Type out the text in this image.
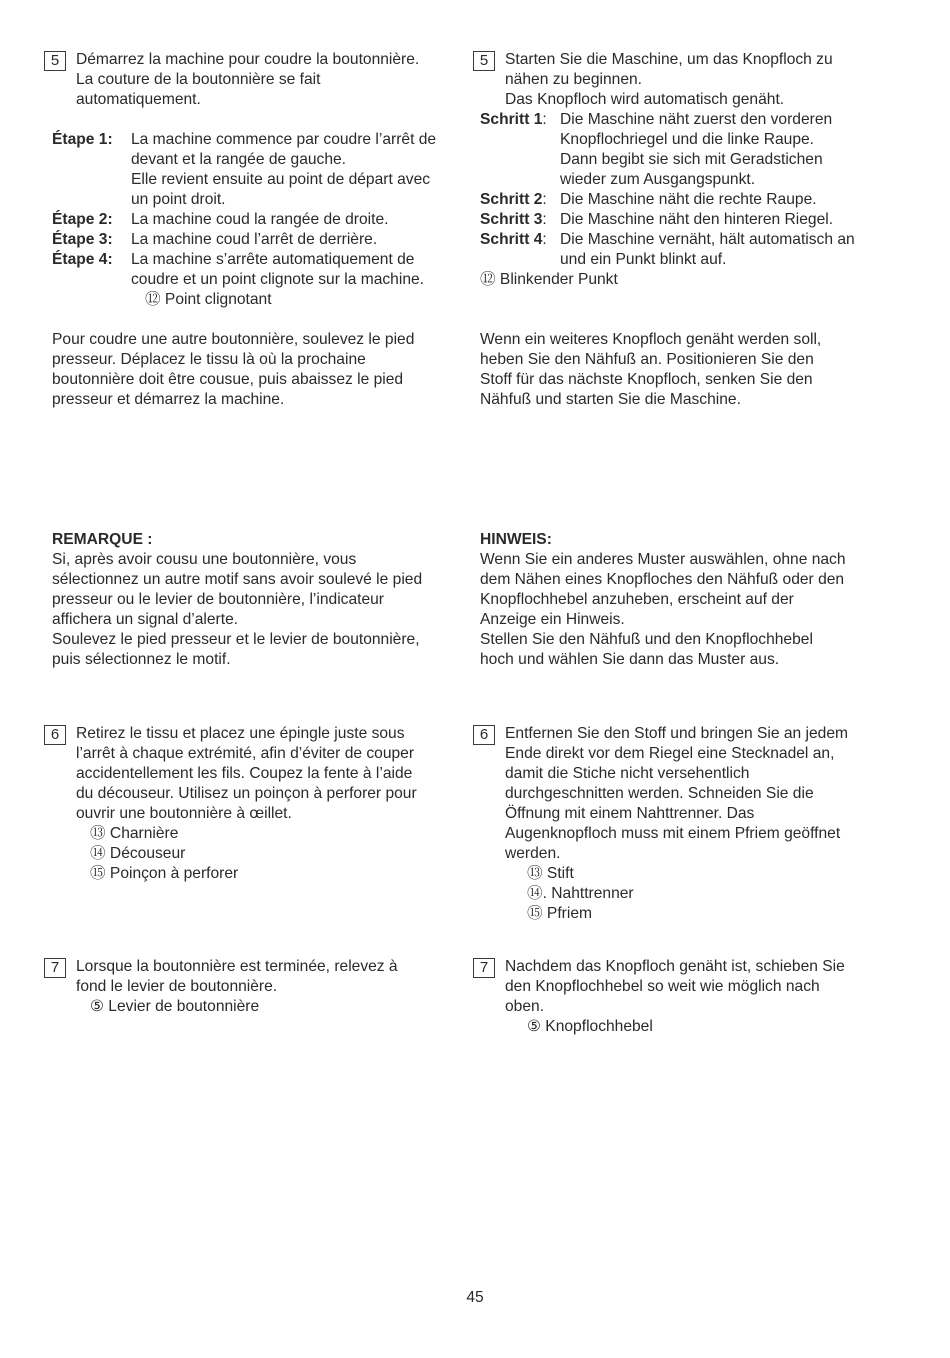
5	Démarrez la machine pour coudre la boutonnière.
La couture de la boutonnière se fait
automatiquement.
Étape 1: La machine commence par coudre l’arrêt de
devant et la rangée de gauche.
Elle revient ensuite au point de départ avec
un point droit.
Étape 2: La machine coud la rangée de droite.
Étape 3: La machine coud l’arrêt de derrière.
Étape 4: La machine s’arrête automatiquement de
coudre et un point clignote sur la machine.
⑫ Point clignotant
Pour coudre une autre boutonnière, soulevez le pied
presseur. Déplacez le tissu là où la prochaine
boutonnière doit être cousue, puis abaissez le pied
presseur et démarrez la machine.
REMARQUE :
Si, après avoir cousu une boutonnière, vous
sélectionnez un autre motif sans avoir soulevé le pied
presseur ou le levier de boutonnière, l’indicateur
affichera un signal d’alerte.
Soulevez le pied presseur et le levier de boutonnière,
puis sélectionnez le motif.
6	Retirez le tissu et placez une épingle juste sous
l’arrêt à chaque extrémité, afin d’éviter de couper
accidentellement les fils. Coupez la fente à l’aide
du découseur. Utilisez un poinçon à perforer pour
ouvrir une boutonnière à œillet.
⑬ Charnière
⑭ Découseur
⑮ Poinçon à perforer
7	Lorsque la boutonnière est terminée, relevez à
fond le levier de boutonnière.
⑤ Levier de boutonnière
5	Starten Sie die Maschine, um das Knopfloch zu
nähen zu beginnen.
Das Knopfloch wird automatisch genäht.
Schritt 1: Die Maschine näht zuerst den vorderen
Knopflochriegel und die linke Raupe.
Dann begibt sie sich mit Geradstichen
wieder zum Ausgangspunkt.
Schritt 2: Die Maschine näht die rechte Raupe.
Schritt 3: Die Maschine näht den hinteren Riegel.
Schritt 4: Die Maschine vernäht, hält automatisch an
und ein Punkt blinkt auf.
⑫ Blinkender Punkt
Wenn ein weiteres Knopfloch genäht werden soll,
heben Sie den Nähfuß an. Positionieren Sie den
Stoff für das nächste Knopfloch, senken Sie den
Nähfuß und starten Sie die Maschine.
HINWEIS:
Wenn Sie ein anderes Muster auswählen, ohne nach
dem Nähen eines Knopfloches den Nähfuß oder den
Knopflochhebel anzuheben, erscheint auf der
Anzeige ein Hinweis.
Stellen Sie den Nähfuß und den Knopflochhebel
hoch und wählen Sie dann das Muster aus.
6	Entfernen Sie den Stoff und bringen Sie an jedem
Ende direkt vor dem Riegel eine Stecknadel an,
damit die Stiche nicht versehentlich
durchgeschnitten werden. Schneiden Sie die
Öffnung mit einem Nahttrenner. Das
Augenknopfloch muss mit einem Pfriem geöffnet
werden.
⑬ Stift
⑭. Nahttrenner
⑮ Pfriem
7	Nachdem das Knopfloch genäht ist, schieben Sie
den Knopflochhebel so weit wie möglich nach
oben.
⑤ Knopflochhebel
45
